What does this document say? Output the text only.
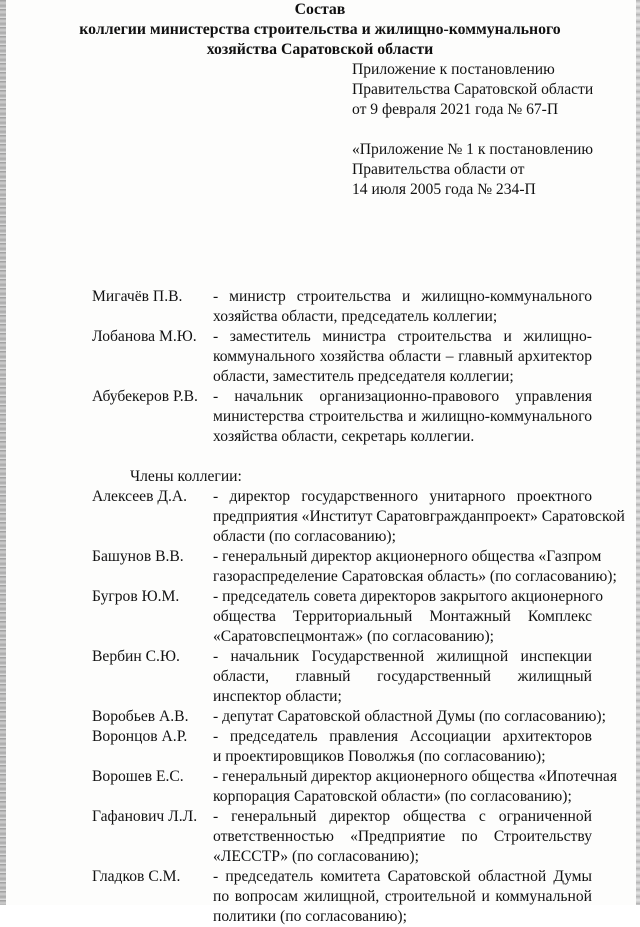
Приложение к постановлению
Правительства Саратовской области
от 9 февраля 2021 года № 67-П
«Приложение № 1 к постановлению
Правительства области от
14 июля 2005 года № 234-П
Состав
коллегии министерства строительства и жилищно-коммунального
хозяйства Саратовской области
Мигачёв П.В. - министр строительства и жилищно-коммунального
хозяйства области, председатель коллегии;
Лобанова М.Ю. - заместитель министра строительства и жилищно-
коммунального хозяйства области – главный архитектор
области, заместитель председателя коллегии;
Абубекеров Р.В. - начальник организационно-правового управления
министерства строительства и жилищно-коммунального
хозяйства области, секретарь коллегии.
Члены коллегии:
Алексеев Д.А. - директор государственного унитарного проектного
предприятия «Институт Саратовгражданпроект» Саратовской
области (по согласованию);
Башунов В.В. - генеральный директор акционерного общества «Газпром
газораспределение Саратовская область» (по согласованию);
Бугров Ю.М. - председатель совета директоров закрытого акционерного
общества Территориальный Монтажный Комплекс
«Саратовспецмонтаж» (по согласованию);
Вербин С.Ю. - начальник Государственной жилищной инспекции
области, главный государственный жилищный
инспектор области;
Воробьев А.В. - депутат Саратовской областной Думы (по согласованию);
Воронцов А.Р. - председатель правления Ассоциации архитекторов
и проектировщиков Поволжья (по согласованию);
Ворошев Е.С. - генеральный директор акционерного общества «Ипотечная
корпорация Саратовской области» (по согласованию);
Гафанович Л.Л. - генеральный директор общества с ограниченной
ответственностью «Предприятие по Строительству
«ЛЕССТР» (по согласованию);
Гладков С.М. - председатель комитета Саратовской областной Думы
по вопросам жилищной, строительной и коммунальной
политики (по согласованию);
